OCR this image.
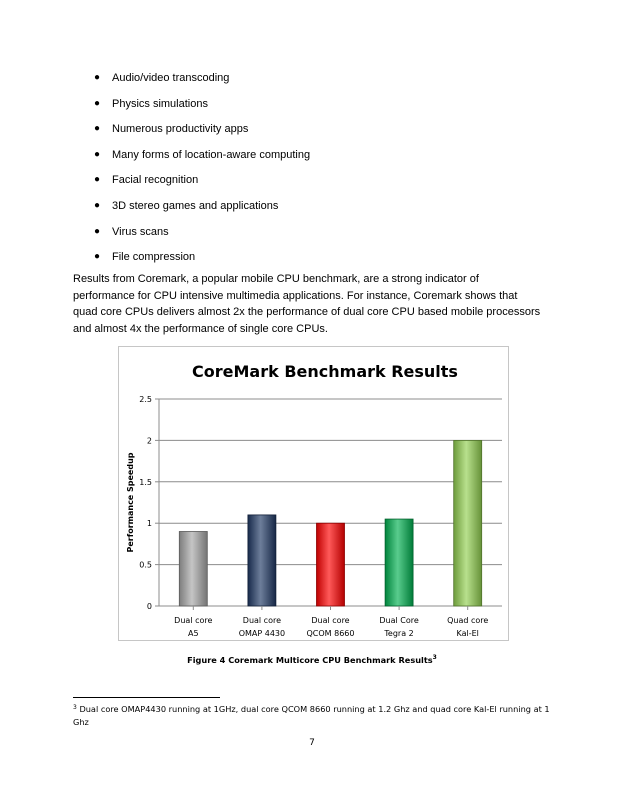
● Audio/video transcoding
● Physics simulations
● Numerous productivity apps
● Many forms of location-aware computing
● Facial recognition
● 3D stereo games and applications
● Virus scans
● File compression
Results from Coremark, a popular mobile CPU benchmark, are a strong indicator of
performance for CPU intensive multimedia applications. For instance, Coremark shows that
quad core CPUs delivers almost 2x the performance of dual core CPU based mobile processors
and almost 4x the performance of single core CPUs.
CoreMark Benchmark Results
0
0.5
1
1.5
2
2.5
Performance Speedup
Dual core
A5
Dual core
OMAP 4430
Dual core
QCOM 8660
Dual Core
Tegra 2
Quad core
Kal-El
Figure 4 Coremark Multicore CPU Benchmark Results$^3$
$^3$ Dual core OMAP4430 running at 1GHz, dual core QCOM 8660 running at 1.2 Ghz and quad core Kal-El running at 1 Ghz
7
